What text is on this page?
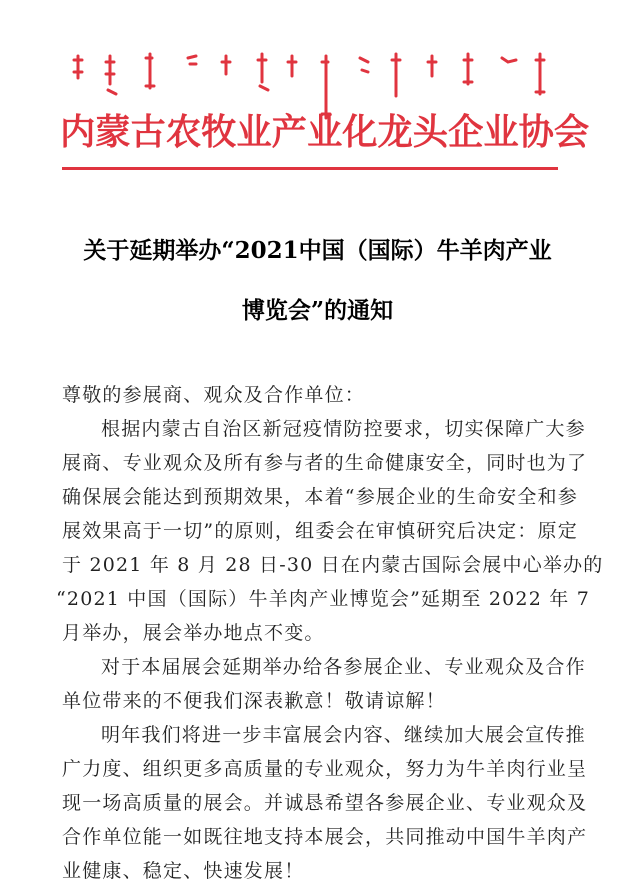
内蒙古农牧业产业化龙头企业协会
关于延期举办“2021中国（国际）牛羊肉产业
博览会”的通知
尊敬的参展商、观众及合作单位：
根据内蒙古自治区新冠疫情防控要求，切实保障广大参
展商、专业观众及所有参与者的生命健康安全，同时也为了
确保展会能达到预期效果，本着“参展企业的生命安全和参
展效果高于一切”的原则，组委会在审慎研究后决定：原定
于 2021 年 8 月 28 日-30 日在内蒙古国际会展中心举办的
“2021 中国（国际）牛羊肉产业博览会”延期至 2022 年 7
月举办，展会举办地点不变。
对于本届展会延期举办给各参展企业、专业观众及合作
单位带来的不便我们深表歉意！敬请谅解！
明年我们将进一步丰富展会内容、继续加大展会宣传推
广力度、组织更多高质量的专业观众，努力为牛羊肉行业呈
现一场高质量的展会。并诚恳希望各参展企业、专业观众及
合作单位能一如既往地支持本展会，共同推动中国牛羊肉产
业健康、稳定、快速发展！
